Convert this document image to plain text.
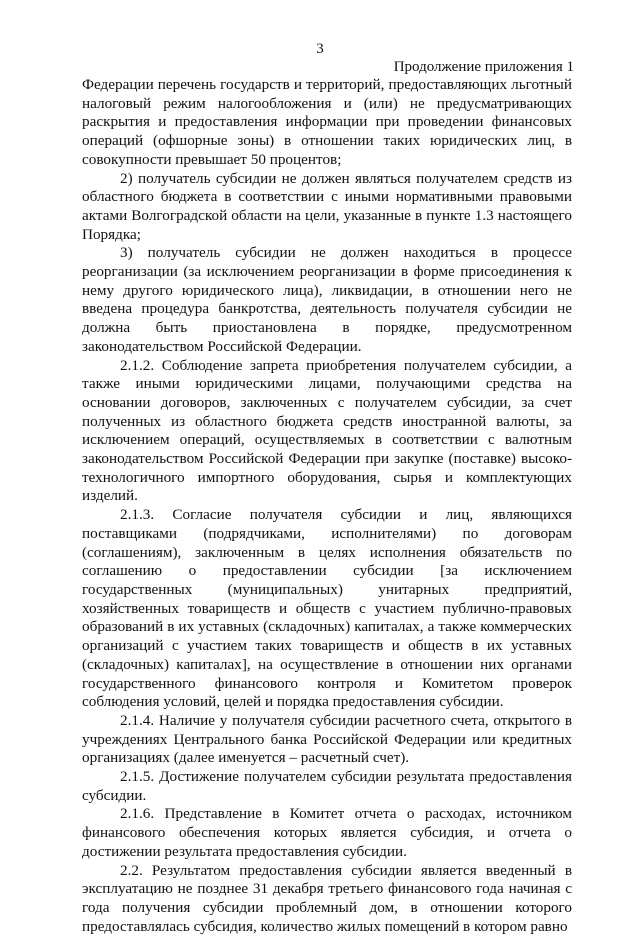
3
Продолжение приложения 1

Федерации перечень государств и территорий, предоставляющих льготный налоговый режим налогообложения и (или) не предусматривающих раскрытия и предоставления информации при проведении финансовых операций (офшорные зоны) в отношении таких юридических лиц, в совокупности превышает 50 процентов;

2) получатель субсидии не должен являться получателем средств из областного бюджета в соответствии с иными нормативными правовыми актами Волгоградской области на цели, указанные в пункте 1.3 настоящего Порядка;

3) получатель субсидии не должен находиться в процессе реорганизации (за исключением реорганизации в форме присоединения к нему другого юридического лица), ликвидации, в отношении него не введена процедура банкротства, деятельность получателя субсидии не должна быть приостановлена в порядке, предусмотренном законодательством Российской Федерации.

2.1.2. Соблюдение запрета приобретения получателем субсидии, а также иными юридическими лицами, получающими средства на основании договоров, заключенных с получателем субсидии, за счет полученных из областного бюджета средств иностранной валюты, за исключением операций, осуществляемых в соответствии с валютным законодательством Российской Федерации при закупке (поставке) высокотехнологичного импортного оборудования, сырья и комплектующих изделий.

2.1.3. Согласие получателя субсидии и лиц, являющихся поставщиками (подрядчиками, исполнителями) по договорам (соглашениям), заключенным в целях исполнения обязательств по соглашению о предоставлении субсидии [за исключением государственных (муниципальных) унитарных предприятий, хозяйственных товариществ и обществ с участием публично-правовых образований в их уставных (складочных) капиталах, а также коммерческих организаций с участием таких товариществ и обществ в их уставных (складочных) капиталах], на осуществление в отношении них органами государственного финансового контроля и Комитетом проверок соблюдения условий, целей и порядка предоставления субсидии.

2.1.4. Наличие у получателя субсидии расчетного счета, открытого в учреждениях Центрального банка Российской Федерации или кредитных организациях (далее именуется – расчетный счет).

2.1.5. Достижение получателем субсидии результата предоставления субсидии.

2.1.6. Представление в Комитет отчета о расходах, источником финансового обеспечения которых является субсидия, и отчета о достижении результата предоставления субсидии.

2.2. Результатом предоставления субсидии является введенный в эксплуатацию не позднее 31 декабря третьего финансового года начиная с года получения субсидии проблемный дом, в отношении которого предоставлялась субсидия, количество жилых помещений в котором равно
